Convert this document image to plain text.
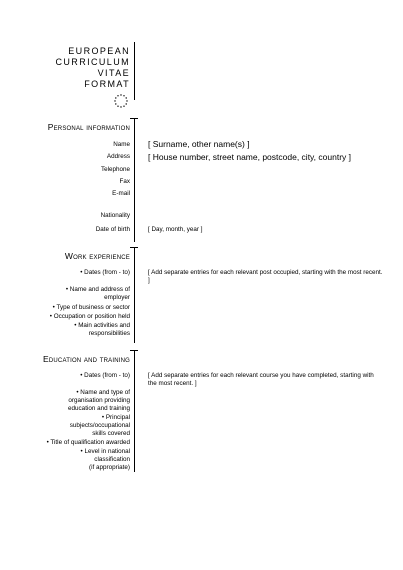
EUROPEAN
CURRICULUM
VITAE
FORMAT
Personal information
Name
Address
Telephone
Fax
E-mail
Nationality
Date of birth
[ Surname, other name(s) ]
[ House number, street name, postcode, city, country ]
[ Day, month, year ]
Work experience
• Dates (from - to)
• Name and address of
employer
• Type of business or sector
• Occupation or position held
• Main activities and
responsibilities
[ Add separate entries for each relevant post occupied, starting with the most recent. ]
Education and training
• Dates (from - to)
• Name and type of
organisation providing
education and training
• Principal
subjects/occupational
skills covered
• Title of qualification awarded
• Level in national
classification
(if appropriate)
[ Add separate entries for each relevant course you have completed, starting with the most recent. ]
